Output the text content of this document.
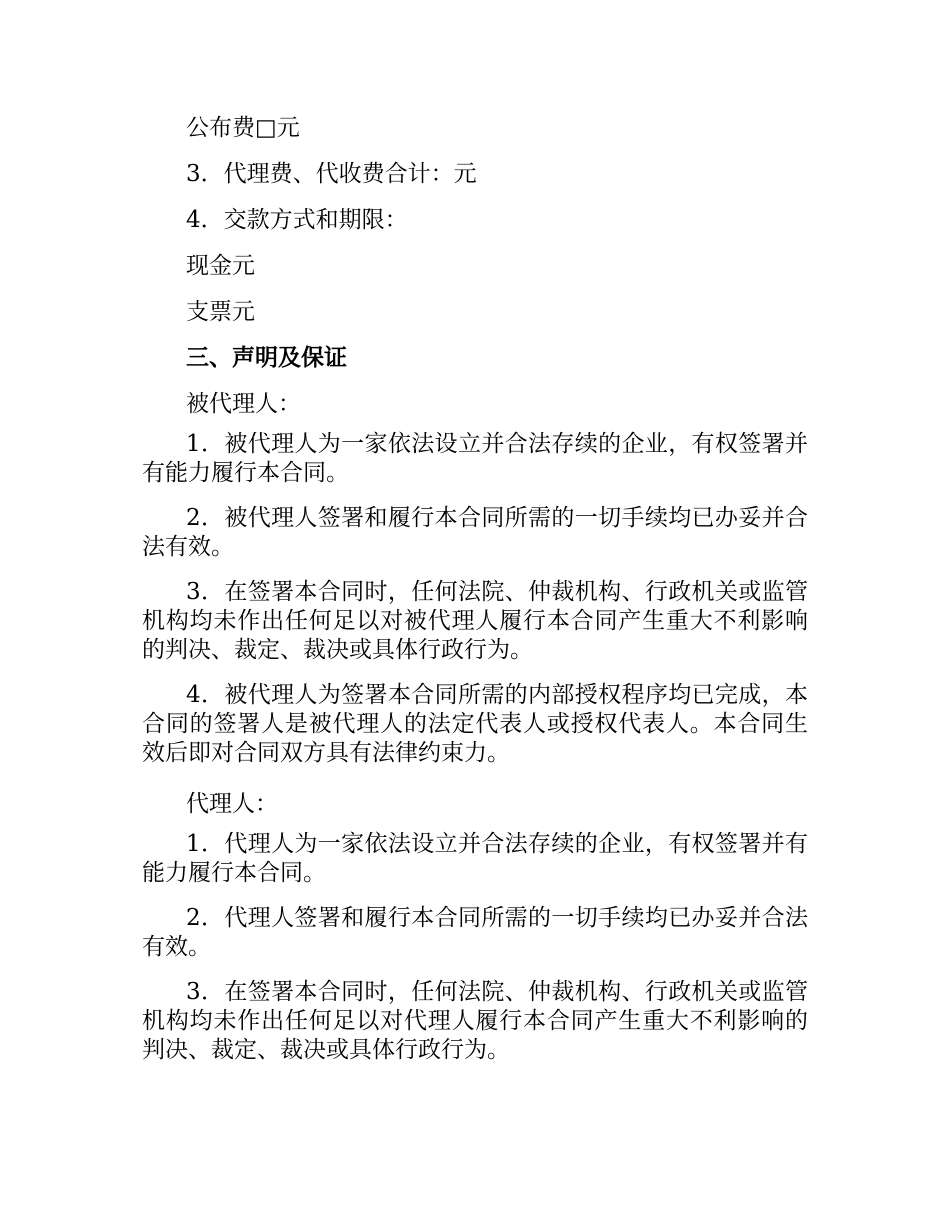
公布费□元

3．代理费、代收费合计：元

4．交款方式和期限：

现金元

支票元

三、声明及保证

被代理人：

1．被代理人为一家依法设立并合法存续的企业，有权签署并有能力履行本合同。

2．被代理人签署和履行本合同所需的一切手续均已办妥并合法有效。

3．在签署本合同时，任何法院、仲裁机构、行政机关或监管机构均未作出任何足以对被代理人履行本合同产生重大不利影响的判决、裁定、裁决或具体行政行为。

4．被代理人为签署本合同所需的内部授权程序均已完成，本合同的签署人是被代理人的法定代表人或授权代表人。本合同生效后即对合同双方具有法律约束力。

代理人：

1．代理人为一家依法设立并合法存续的企业，有权签署并有能力履行本合同。

2．代理人签署和履行本合同所需的一切手续均已办妥并合法有效。

3．在签署本合同时，任何法院、仲裁机构、行政机关或监管机构均未作出任何足以对代理人履行本合同产生重大不利影响的判决、裁定、裁决或具体行政行为。
